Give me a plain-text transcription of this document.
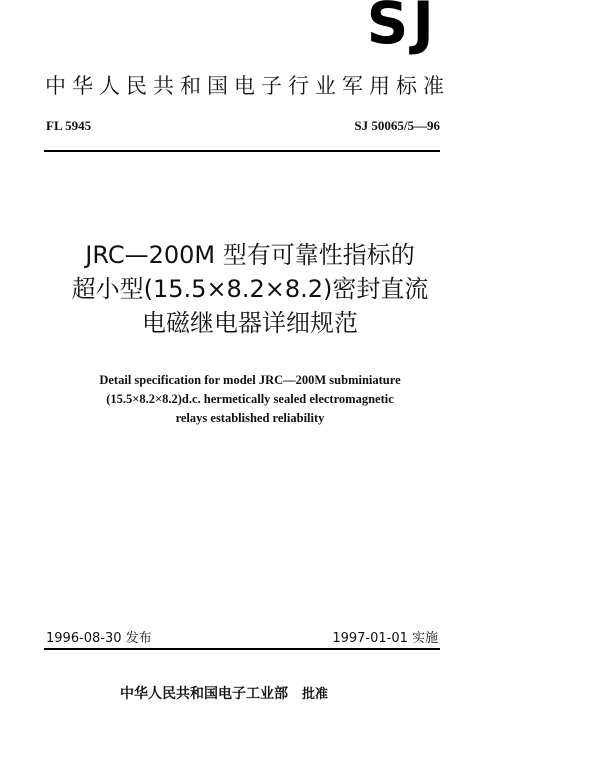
SJ
中华人民共和国电子行业军用标准
FL 5945	SJ 50065/5—96
JRC—200M 型有可靠性指标的
超小型(15.5×8.2×8.2)密封直流
电磁继电器详细规范
Detail specification for model JRC—200M subminiature
(15.5×8.2×8.2)d.c. hermetically sealed electromagnetic
relays established reliability
1996-08-30 发布	1997-01-01 实施
中华人民共和国电子工业部 批准
